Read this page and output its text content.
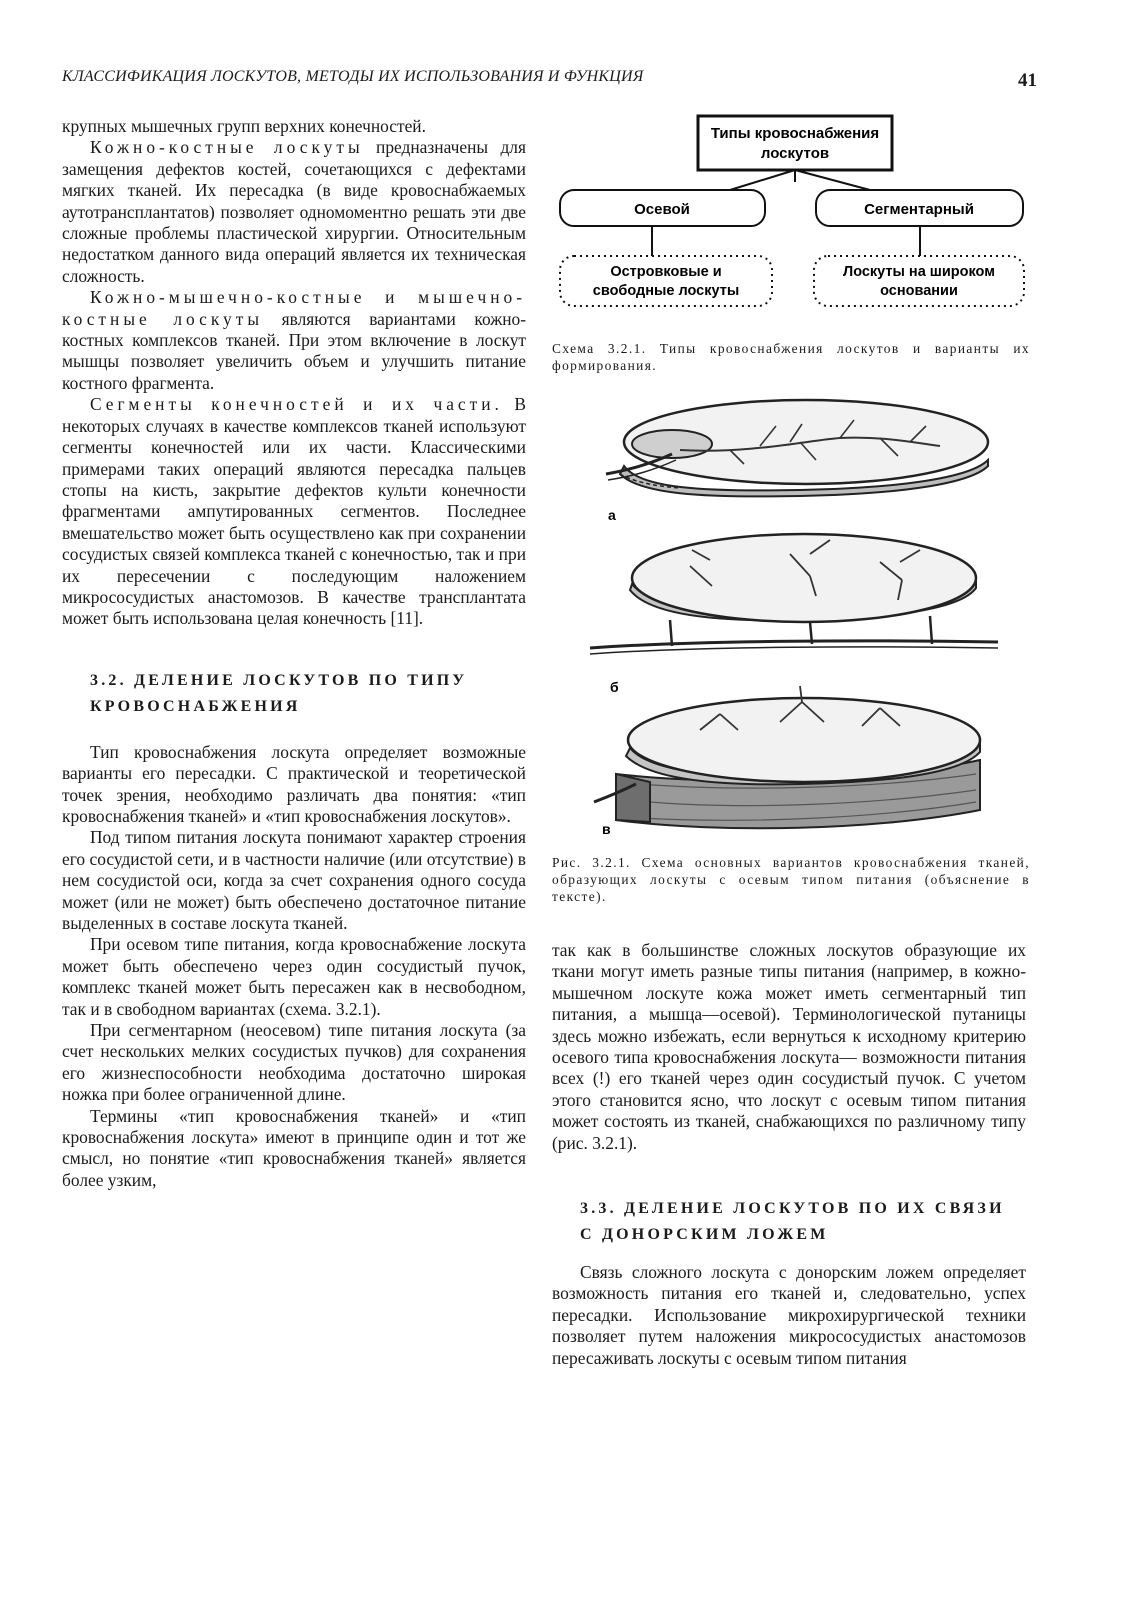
КЛАССИФИКАЦИЯ ЛОСКУТОВ, МЕТОДЫ ИХ ИСПОЛЬЗОВАНИЯ И ФУНКЦИЯ	41

крупных мышечных групп верхних конечностей.

Кожно-костные лоскуты предназначены для замещения дефектов костей, сочетающихся с дефектами мягких тканей. Их пересадка (в виде кровоснабжаемых аутотрансплантатов) позволяет одномоментно решать эти две сложные проблемы пластической хирургии. Относительным недостатком данного вида операций является их техническая сложность.

Кожно-мышечно-костные и мышечно-костные лоскуты являются вариантами кожно-костных комплексов тканей. При этом включение в лоскут мышцы позволяет увеличить объем и улучшить питание костного фрагмента.

Сегменты конечностей и их части. В некоторых случаях в качестве комплексов тканей используют сегменты конечностей или их части. Классическими примерами таких операций являются пересадка пальцев стопы на кисть, закрытие дефектов культи конечности фрагментами ампутированных сегментов. Последнее вмешательство может быть осуществлено как при сохранении сосудистых связей комплекса тканей с конечностью, так и при их пересечении с последующим наложением микрососудистых анастомозов. В качестве трансплантата может быть использована целая конечность [11].

3.2. ДЕЛЕНИЕ ЛОСКУТОВ ПО ТИПУ

КРОВОСНАБЖЕНИЯ

Тип кровоснабжения лоскута определяет возможные варианты его пересадки. С практической и теоретической точек зрения, необходимо различать два понятия: «тип кровоснабжения тканей» и «тип кровоснабжения лоскутов».

Под типом питания лоскута понимают характер строения его сосудистой сети, и в частности наличие (или отсутствие) в нем сосудистой оси, когда за счет сохранения одного сосуда может (или не может) быть обеспечено достаточное питание выделенных в составе лоскута тканей.

При осевом типе питания, когда кровоснабжение лоскута может быть обеспечено через один сосудистый пучок, комплекс тканей может быть пересажен как в несвободном, так и в свободном вариантах (схема. 3.2.1).

При сегментарном (неосевом) типе питания лоскута (за счет нескольких мелких сосудистых пучков) для сохранения его жизнеспособности необходима достаточно широкая ножка при более ограниченной длине.

Термины «тип кровоснабжения тканей» и «тип кровоснабжения лоскута» имеют в принципе один и тот же смысл, но понятие «тип кровоснабжения тканей» является более узким,

Типы кровоснабжения
лоскутов
Осевой	Сегментарный
Островковые и
свободные лоскуты
Лоскуты на широком
основании
Схема 3.2.1. Типы кровоснабжения лоскутов и варианты их формирования.
а
б
в
Рис. 3.2.1. Схема основных вариантов кровоснабжения тканей, образующих лоскуты с осевым типом питания (объяснение в тексте).

так как в большинстве сложных лоскутов образующие их ткани могут иметь разные типы питания (например, в кожно-мышечном лоскуте кожа может иметь сегментарный тип питания, а мышца—осевой). Терминологической путаницы здесь можно избежать, если вернуться к исходному критерию осевого типа кровоснабжения лоскута— возможности питания всех (!) его тканей через один сосудистый пучок. С учетом этого становится ясно, что лоскут с осевым типом питания может состоять из тканей, снабжающихся по различному типу (рис. 3.2.1).

3.3. ДЕЛЕНИЕ ЛОСКУТОВ ПО ИХ СВЯЗИ

С ДОНОРСКИМ ЛОЖЕМ

Связь сложного лоскута с донорским ложем определяет возможность питания его тканей и, следовательно, успех пересадки. Использование микрохирургической техники позволяет путем наложения микрососудистых анастомозов пересаживать лоскуты с осевым типом питания
